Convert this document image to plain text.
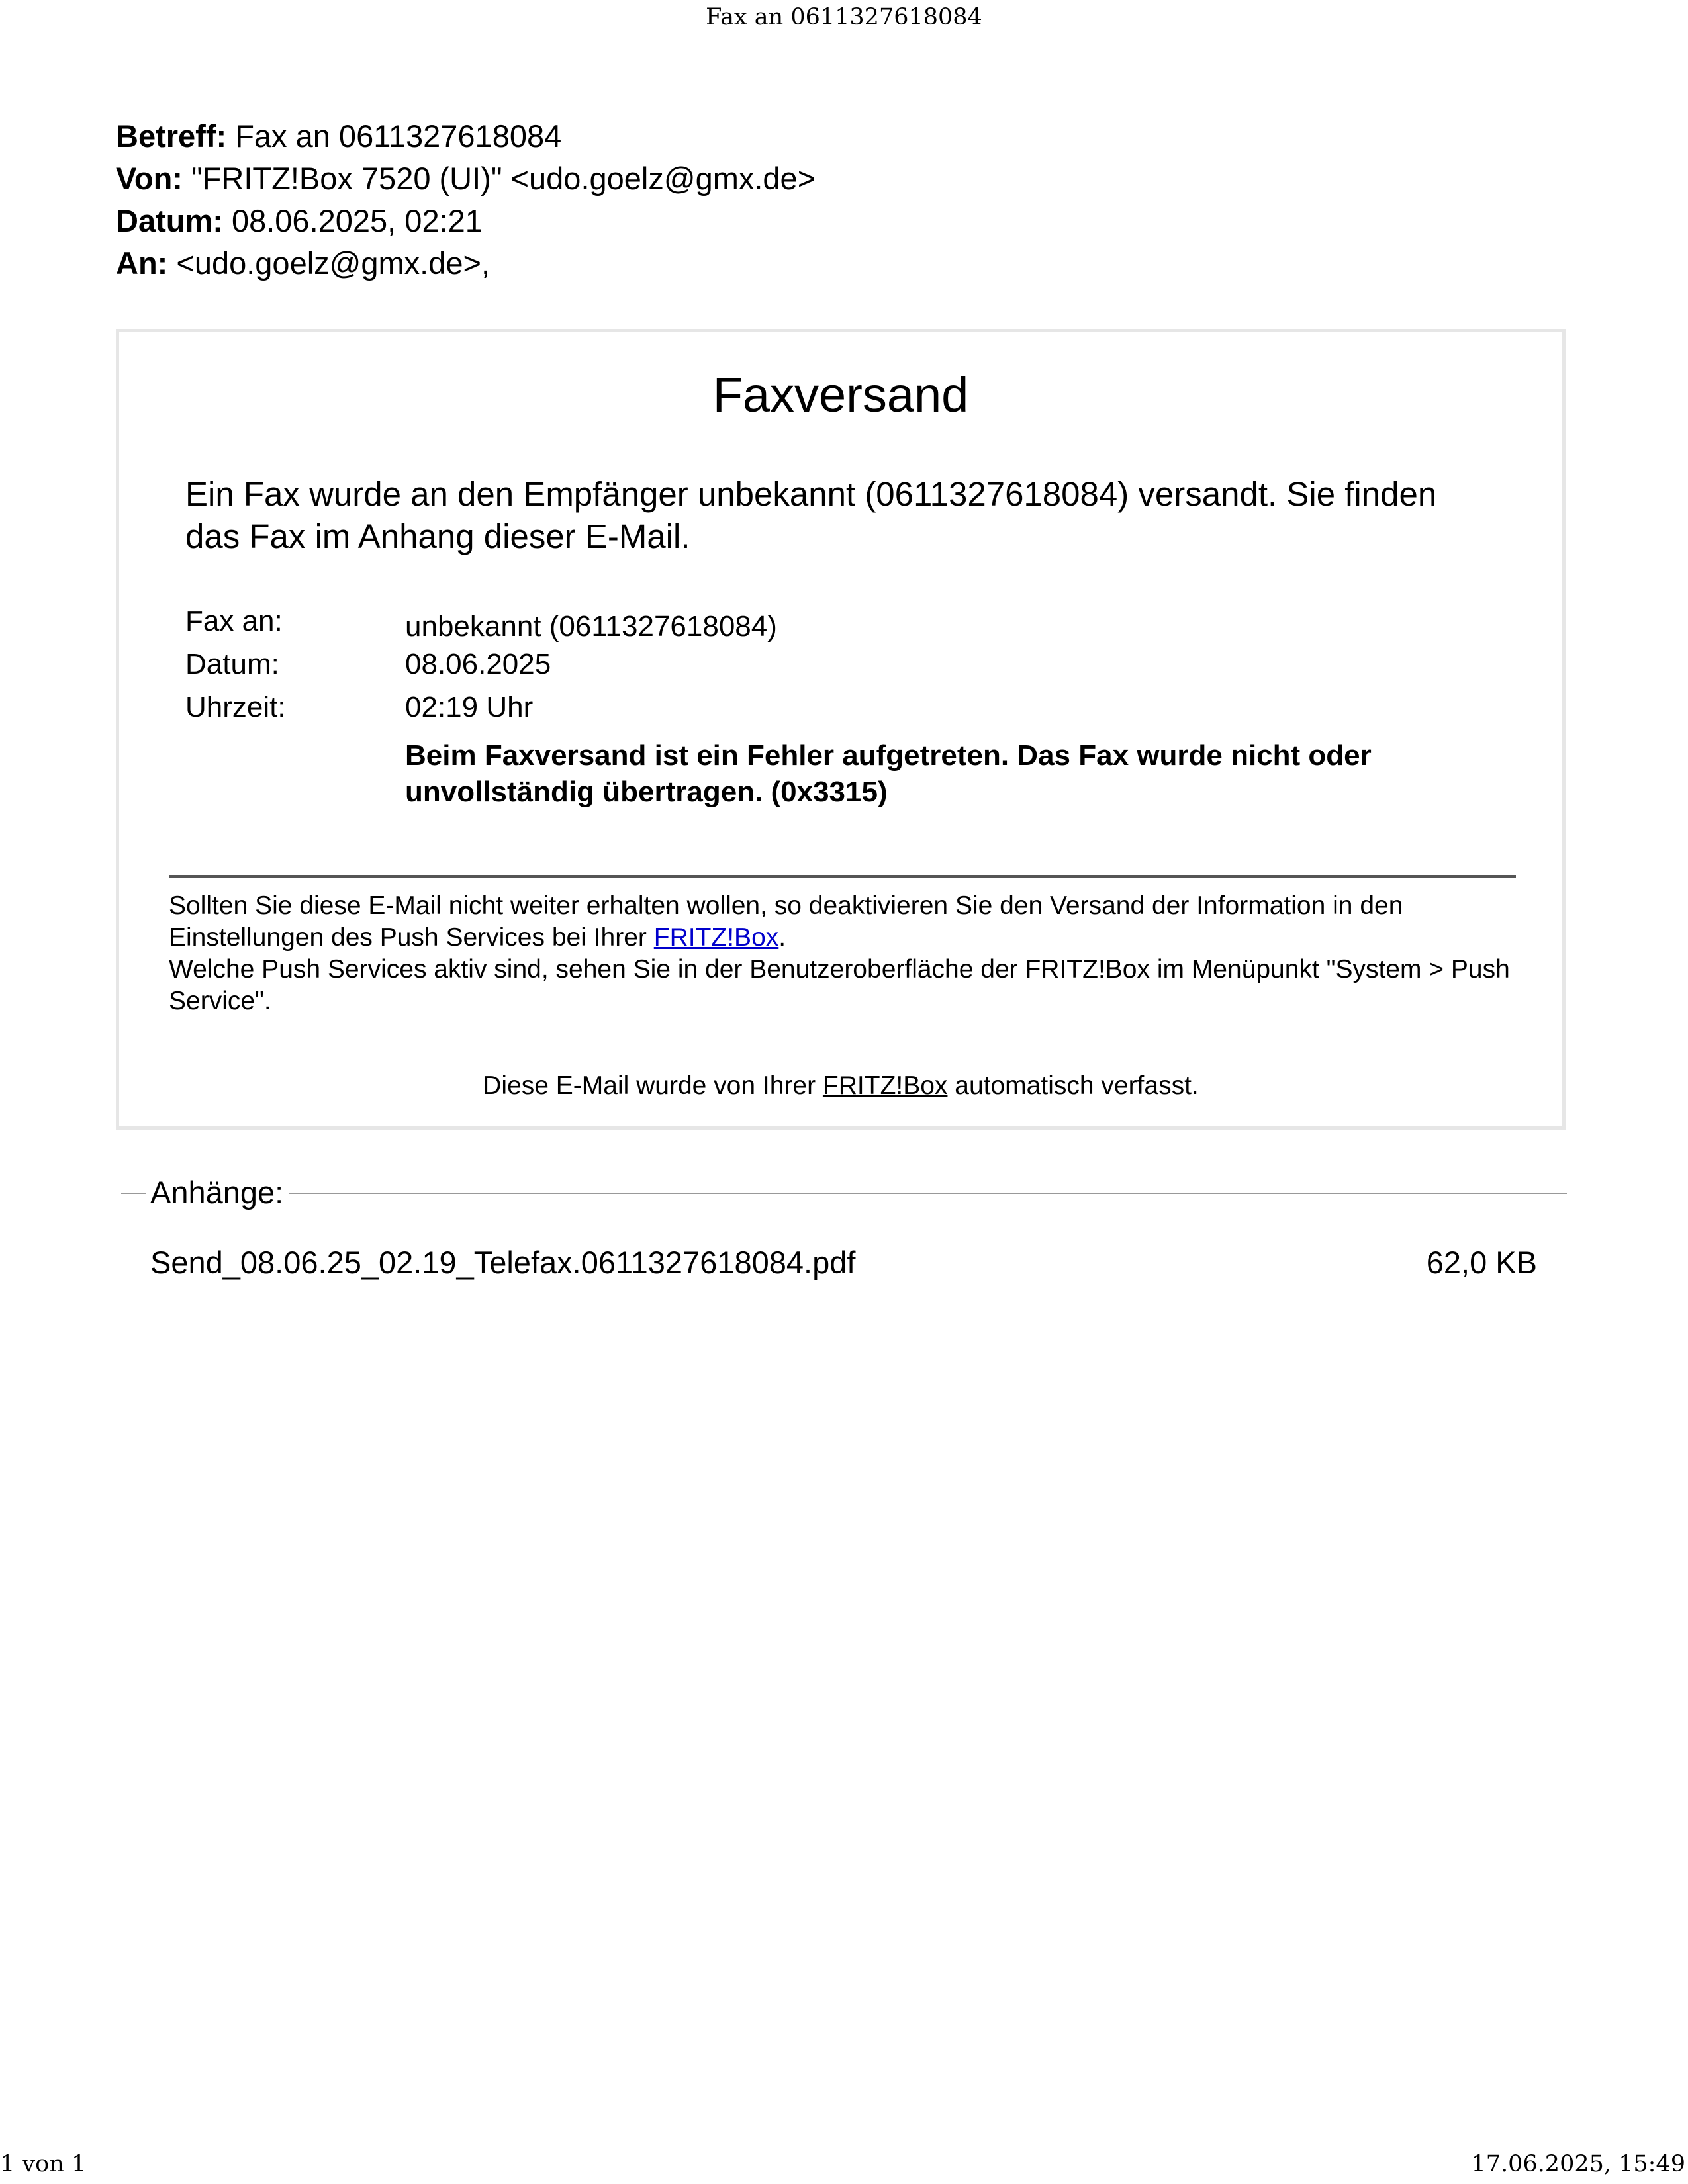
Fax an 0611327618084
Betreff: Fax an 0611327618084
Von: "FRITZ!Box 7520 (UI)" <udo.goelz@gmx.de>
Datum: 08.06.2025, 02:21
An: <udo.goelz@gmx.de>,
Faxversand
Ein Fax wurde an den Empfänger unbekannt (0611327618084) versandt. Sie finden das Fax im Anhang dieser E-Mail.
Fax an:	unbekannt (0611327618084)
Datum:	08.06.2025
Uhrzeit:	02:19 Uhr
Beim Faxversand ist ein Fehler aufgetreten. Das Fax wurde nicht oder unvollständig übertragen. (0x3315)
Sollten Sie diese E-Mail nicht weiter erhalten wollen, so deaktivieren Sie den Versand der Information in den Einstellungen des Push Services bei Ihrer FRITZ!Box.
Welche Push Services aktiv sind, sehen Sie in der Benutzeroberfläche der FRITZ!Box im Menüpunkt "System > Push Service".
Diese E-Mail wurde von Ihrer FRITZ!Box automatisch verfasst.
Anhänge:
Send_08.06.25_02.19_Telefax.0611327618084.pdf	62,0 KB
1 von 1	17.06.2025, 15:49
